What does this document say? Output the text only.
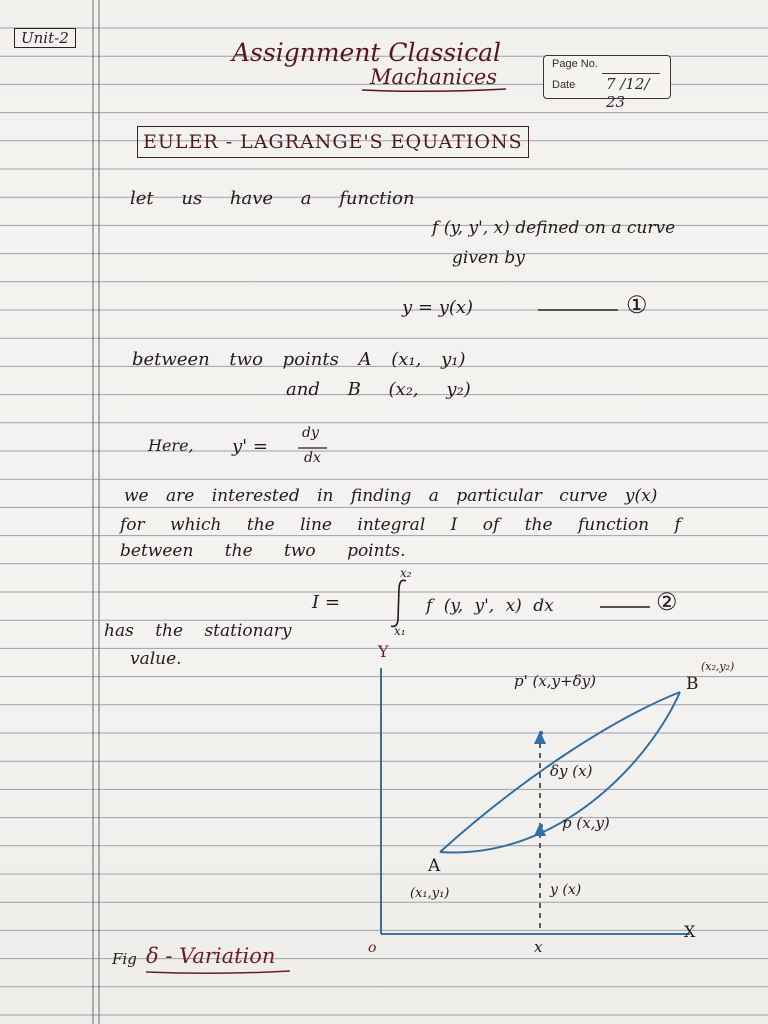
Unit-2	Assignment Classical
Machanices
Page No.
Date 7 /12/ 23
EULER - LAGRANGE'S EQUATIONS
let us have a function
f (y, y', x) defined on a curve
given by
y = y(x)	①
between two points A (x₁, y₁)
and B (x₂, y₂)
Here, y' =
dy
dx
we are interested in finding a particular curve y(x)
for which the line integral I of the function f
between the two points.
I =
x₂
x₁
f (y, y', x) dx	②
has the stationary
value.	Y
X
o	x
A
(x₁,y₁)
B
(x₂,y₂)
p' (x,y+δy)
p (x,y)
δy (x)
y (x)
Fig δ - Variation
